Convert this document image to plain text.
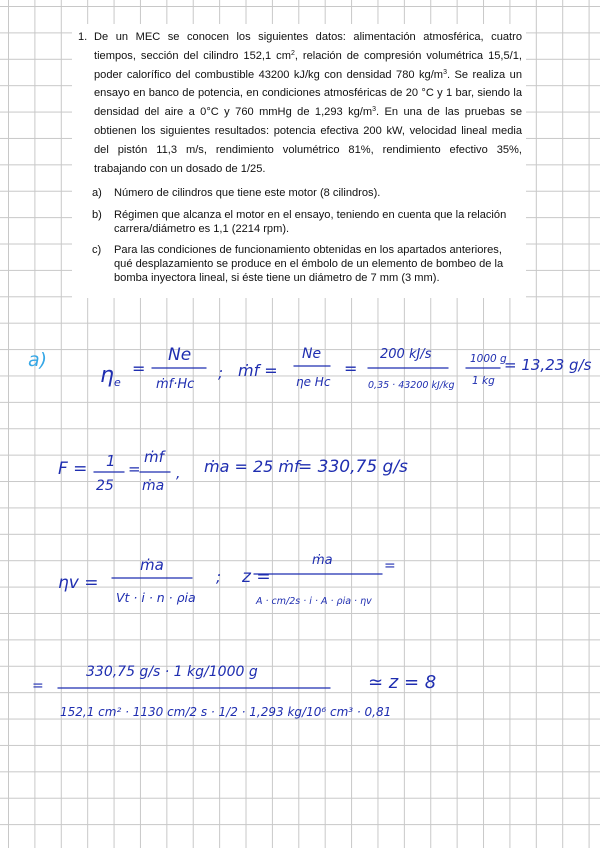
1. De un MEC se conocen los siguientes datos: alimentación atmosférica, cuatro tiempos, sección del cilindro 152,1 $cm^2$, relación de compresión volumétrica 15,5/1, poder calorífico del combustible 43200 kJ/kg con densidad 780 $kg/m^3$. Se realiza un ensayo en banco de potencia, en condiciones atmosféricas de 20 °C y 1 bar, siendo la densidad del aire a 0°C y 760 mmHg de 1,293 $kg/m^3$. En una de las pruebas se obtienen los siguientes resultados: potencia efectiva 200 kW, velocidad lineal media del pistón 11,3 m/s, rendimiento volumétrico 81%, rendimiento efectivo 35%, trabajando con un dosado de 1/25.
a)	Número de cilindros que tiene este motor (8 cilindros).
b)	Régimen que alcanza el motor en el ensayo, teniendo en cuenta que la relación carrera/diámetro es 1,1 (2214 rpm).
c)	Para las condiciones de funcionamiento obtenidas en los apartados anteriores, qué desplazamiento se produce en el émbolo de un elemento de bombeo de la bomba inyectora lineal, si éste tiene un diámetro de 7 mm (3 mm).
a)
η e
=
Ne
ṁf·Hc
; ṁf =
Ne
ηe Hc
=
200 kJ/s
0,35 · 43200 kJ/kg
1000 g
1 kg
= 13,23 g/s
F = 1
25
=
ṁf
ṁa
, ṁa = 25 ṁf
= 330,75 g/s
ηv =
ṁa
Vt · i · n · ρia
; z =
ṁa
A · cm/2s · i · A · ρia · ηv
=
=
330,75 g/s · 1 kg/1000 g
152,1 cm² · 1130 cm/2 s · 1/2 · 1,293 kg/10⁶ cm³ · 0,81
≃ z = 8
